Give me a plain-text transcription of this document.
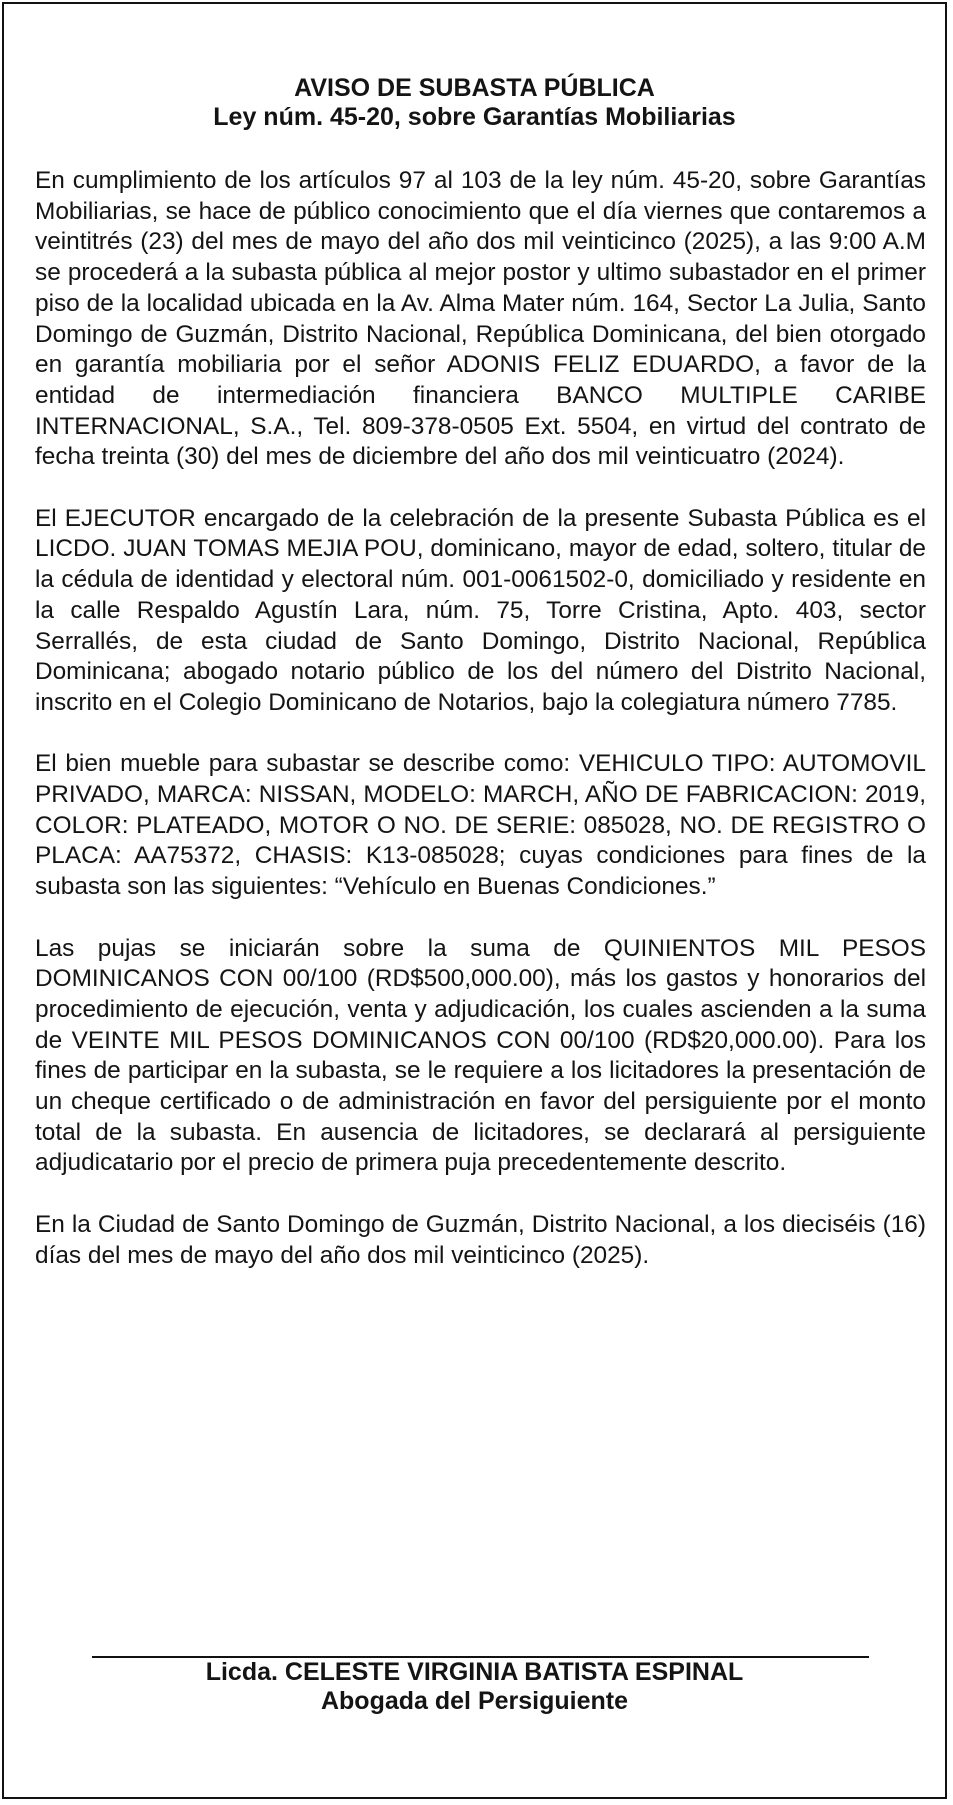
AVISO DE SUBASTA PÚBLICA
Ley núm. 45-20, sobre Garantías Mobiliarias

En cumplimiento de los artículos 97 al 103 de la ley núm. 45-20, sobre Garantías Mobiliarias, se hace de público conocimiento que el día viernes que contaremos a veintitrés (23) del mes de mayo del año dos mil veinticinco (2025), a las 9:00 A.M se procederá a la subasta pública al mejor postor y ultimo subastador en el primer piso de la localidad ubicada en la Av. Alma Mater núm. 164, Sector La Julia, Santo Domingo de Guzmán, Distrito Nacional, República Dominicana, del bien otorgado en garantía mobiliaria por el señor ADONIS FELIZ EDUARDO, a favor de la entidad de intermediación financiera BANCO MULTIPLE CARIBE INTERNACIONAL, S.A., Tel. 809-378-0505 Ext. 5504, en virtud del contrato de fecha treinta (30) del mes de diciembre del año dos mil veinticuatro (2024).

El EJECUTOR encargado de la celebración de la presente Subasta Pública es el LICDO. JUAN TOMAS MEJIA POU, dominicano, mayor de edad, soltero, titular de la cédula de identidad y electoral núm. 001-0061502-0, domiciliado y residente en la calle Respaldo Agustín Lara, núm. 75, Torre Cristina, Apto. 403, sector Serrallés, de esta ciudad de Santo Domingo, Distrito Nacional, República Dominicana; abogado notario público de los del número del Distrito Nacional, inscrito en el Colegio Dominicano de Notarios, bajo la colegiatura número 7785.

El bien mueble para subastar se describe como: VEHICULO TIPO: AUTOMOVIL PRIVADO, MARCA: NISSAN, MODELO: MARCH, AÑO DE FABRICACION: 2019, COLOR: PLATEADO, MOTOR O NO. DE SERIE: 085028, NO. DE REGISTRO O PLACA: AA75372, CHASIS: K13-085028; cuyas condiciones para fines de la subasta son las siguientes: “Vehículo en Buenas Condiciones.”

Las pujas se iniciarán sobre la suma de QUINIENTOS MIL PESOS DOMINICANOS CON 00/100 (RD$500,000.00), más los gastos y honorarios del procedimiento de ejecución, venta y adjudicación, los cuales ascienden a la suma de VEINTE MIL PESOS DOMINICANOS CON 00/100 (RD$20,000.00). Para los fines de participar en la subasta, se le requiere a los licitadores la presentación de un cheque certificado o de administración en favor del persiguiente por el monto total de la subasta. En ausencia de licitadores, se declarará al persiguiente adjudicatario por el precio de primera puja precedentemente descrito.

En la Ciudad de Santo Domingo de Guzmán, Distrito Nacional, a los dieciséis (16) días del mes de mayo del año dos mil veinticinco (2025).

Licda. CELESTE VIRGINIA BATISTA ESPINAL
Abogada del Persiguiente
